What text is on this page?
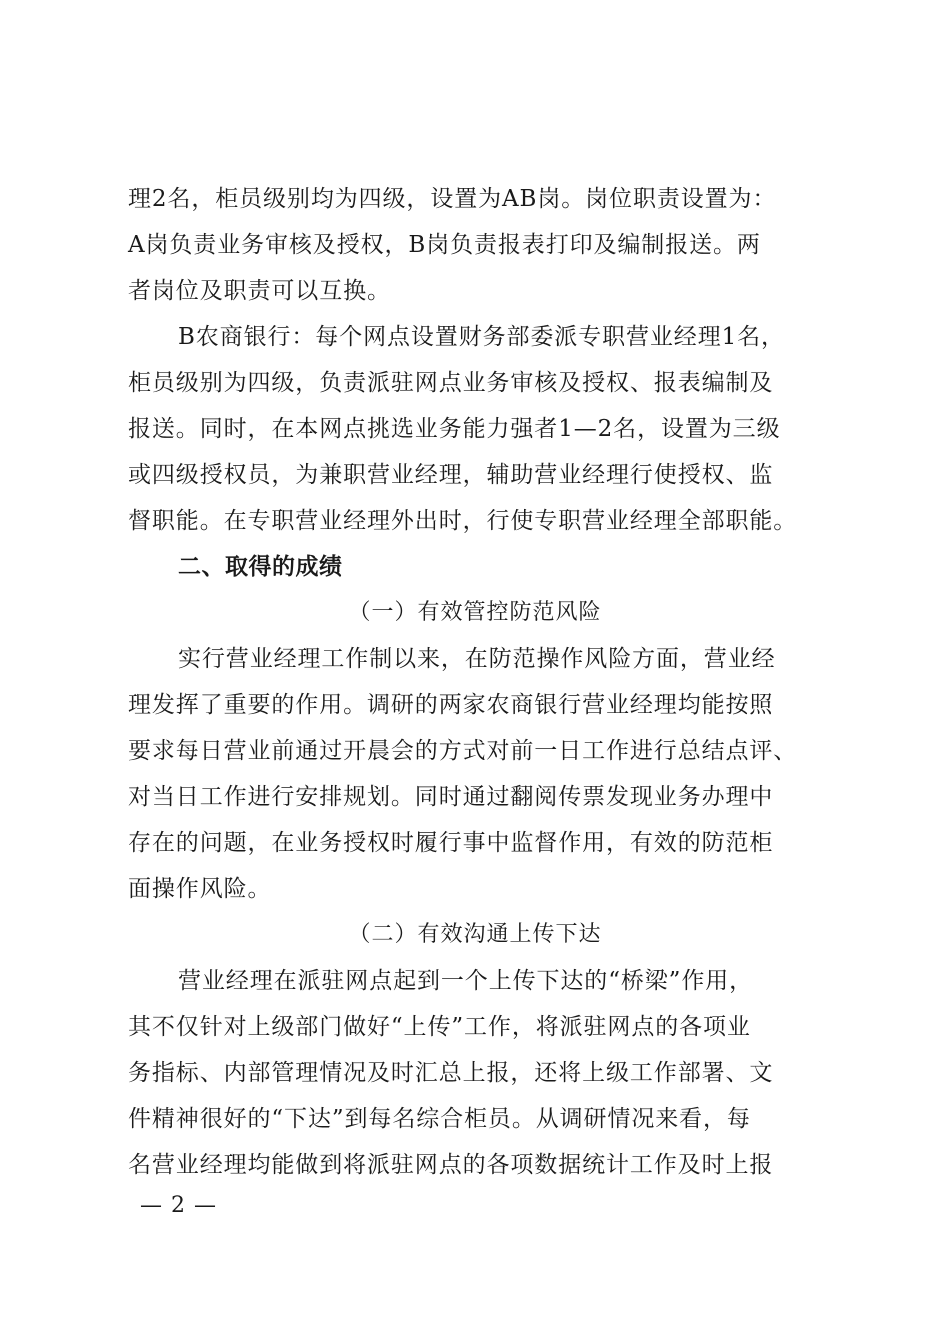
理2名，柜员级别均为四级，设置为AB岗。岗位职责设置为：
A岗负责业务审核及授权，B岗负责报表打印及编制报送。两
者岗位及职责可以互换。
B农商银行：每个网点设置财务部委派专职营业经理1名，
柜员级别为四级，负责派驻网点业务审核及授权、报表编制及
报送。同时，在本网点挑选业务能力强者1—2名，设置为三级
或四级授权员，为兼职营业经理，辅助营业经理行使授权、监
督职能。在专职营业经理外出时，行使专职营业经理全部职能。
二、取得的成绩
（一）有效管控防范风险
实行营业经理工作制以来，在防范操作风险方面，营业经
理发挥了重要的作用。调研的两家农商银行营业经理均能按照
要求每日营业前通过开晨会的方式对前一日工作进行总结点评、
对当日工作进行安排规划。同时通过翻阅传票发现业务办理中
存在的问题，在业务授权时履行事中监督作用，有效的防范柜
面操作风险。
（二）有效沟通上传下达
营业经理在派驻网点起到一个上传下达的“桥梁”作用，
其不仅针对上级部门做好“上传”工作，将派驻网点的各项业
务指标、内部管理情况及时汇总上报，还将上级工作部署、文
件精神很好的“下达”到每名综合柜员。从调研情况来看，每
名营业经理均能做到将派驻网点的各项数据统计工作及时上报
— 2 —
